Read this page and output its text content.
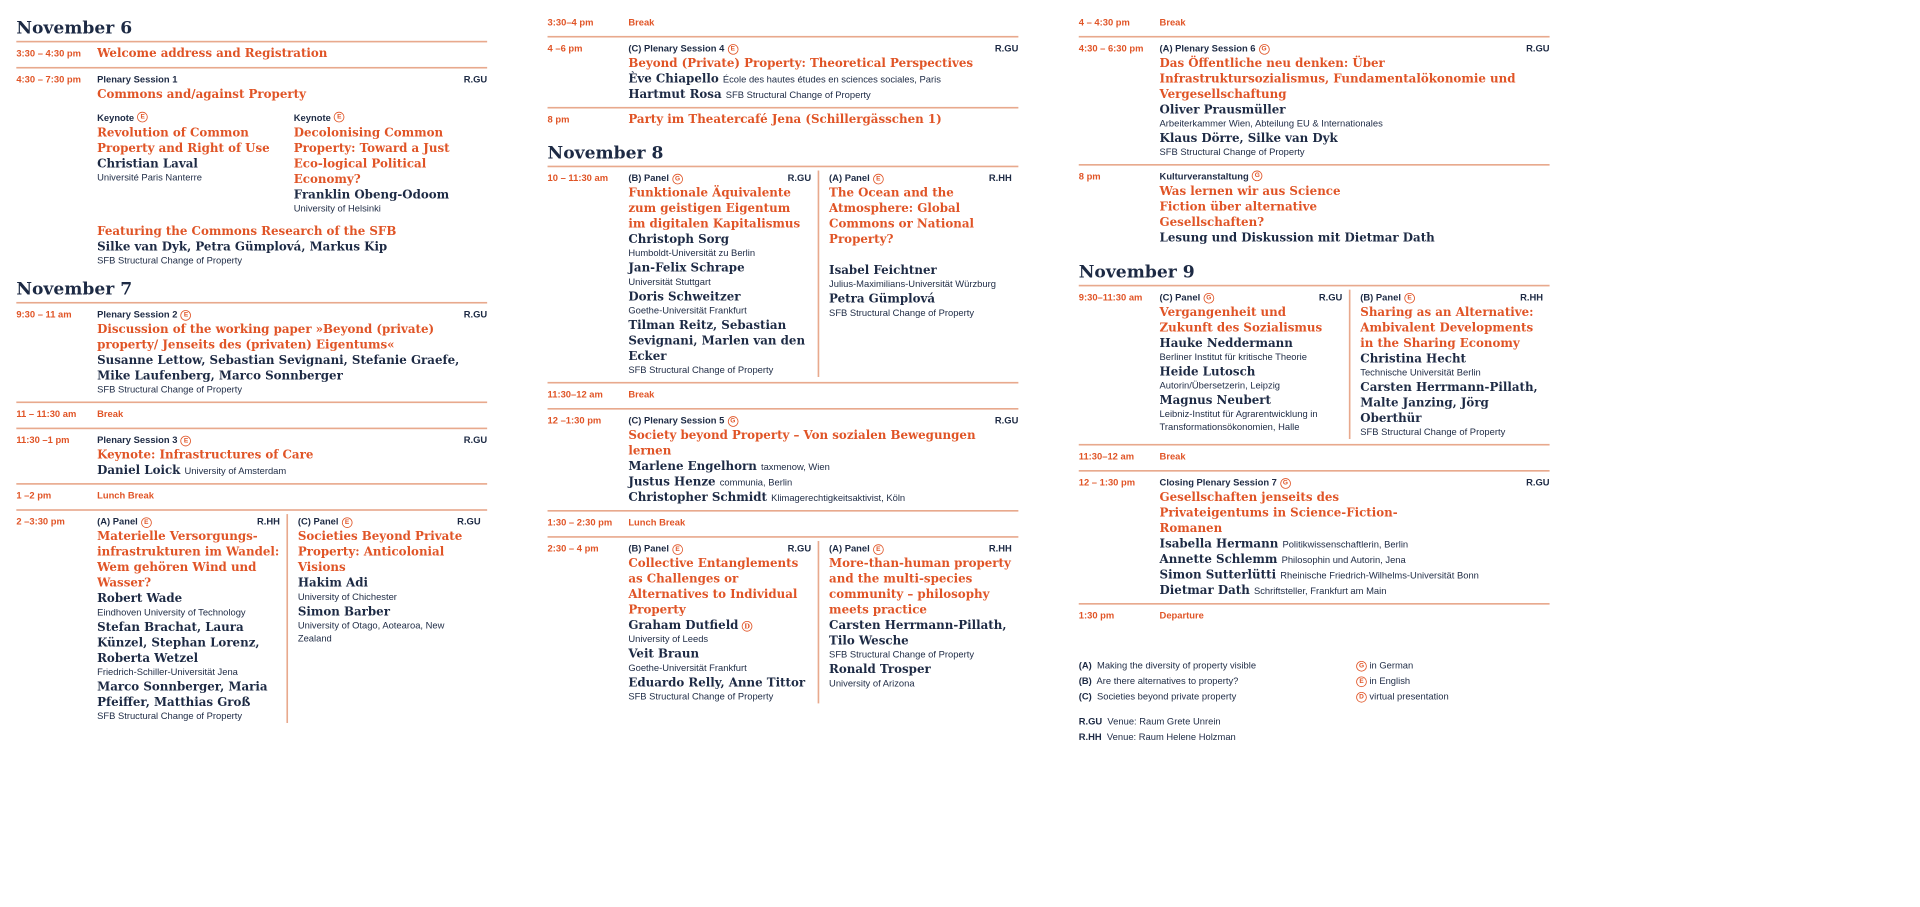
November 6
3:30 – 4:30 pm	Welcome address and Registration
4:30 – 7:30 pm	Plenary Session 1	R.GU
Commons and/against Property
Keynote E
Revolution of Common Property and Right of Use
Christian Laval
Université Paris Nanterre
Keynote E
Decolonising Common Property: Toward a Just Eco-logical Political Economy?
Franklin Obeng-Odoom
University of Helsinki
Featuring the Commons Research of the SFB
Silke van Dyk, Petra Gümplová, Markus Kip
SFB Structural Change of Property
November 7
9:30 – 11 am	Plenary Session 2 E	R.GU
Discussion of the working paper »Beyond (private) property/ Jenseits des (privaten) Eigentums«
Susanne Lettow, Sebastian Sevignani, Stefanie Graefe, Mike Laufenberg, Marco Sonnberger
SFB Structural Change of Property
11 – 11:30 am	Break
11:30 –1 pm	Plenary Session 3 E	R.GU
Keynote: Infrastructures of Care
Daniel Loick University of Amsterdam
1 –2 pm	Lunch Break
2 –3:30 pm	(A) Panel E	R.HH
Materielle Versorgungs-infrastrukturen im Wandel: Wem gehören Wind und Wasser?
Robert Wade
Eindhoven University of Technology
Stefan Brachat, Laura Künzel, Stephan Lorenz, Roberta Wetzel
Friedrich-Schiller-Universität Jena
Marco Sonnberger, Maria Pfeiffer, Matthias Groß
SFB Structural Change of Property
(C) Panel E	R.GU
Societies Beyond Private Property: Anticolonial Visions
Hakim Adi
University of Chichester
Simon Barber
University of Otago, Aotearoa, New Zealand
3:30–4 pm	Break
4 –6 pm	(C) Plenary Session 4 E	R.GU
Beyond (Private) Property: Theoretical Perspectives
Ève Chiapello École des hautes études en sciences sociales, Paris
Hartmut Rosa SFB Structural Change of Property
8 pm	Party im Theatercafé Jena (Schillergässchen 1)
November 8
10 – 11:30 am	(B) Panel G	R.GU
Funktionale Äquivalente zum geistigen Eigentum im digitalen Kapitalismus
Christoph Sorg
Humboldt-Universität zu Berlin
Jan-Felix Schrape
Universität Stuttgart
Doris Schweitzer
Goethe-Universität Frankfurt
Tilman Reitz, Sebastian Sevignani, Marlen van den Ecker
SFB Structural Change of Property
(A) Panel E	R.HH
The Ocean and the Atmosphere: Global Commons or National Property?
Isabel Feichtner
Julius-Maximilians-Universität Würzburg
Petra Gümplová
SFB Structural Change of Property
11:30–12 am	Break
12 –1:30 pm	(C) Plenary Session 5 G	R.GU
Society beyond Property – Von sozialen Bewegungen lernen
Marlene Engelhorn taxmenow, Wien
Justus Henze communia, Berlin
Christopher Schmidt Klimagerechtigkeitsaktivist, Köln
1:30 – 2:30 pm	Lunch Break
2:30 – 4 pm	(B) Panel E	R.GU
Collective Entanglements as Challenges or Alternatives to Individual Property
Graham Dutfield D
University of Leeds
Veit Braun
Goethe-Universität Frankfurt
Eduardo Relly, Anne Tittor
SFB Structural Change of Property
(A) Panel E	R.HH
More-than-human property and the multi-species community – philosophy meets practice
Carsten Herrmann-Pillath, Tilo Wesche
SFB Structural Change of Property
Ronald Trosper
University of Arizona
4 – 4:30 pm	Break
4:30 – 6:30 pm	(A) Plenary Session 6 G	R.GU
Das Öffentliche neu denken: Über Infrastruktursozialismus, Fundamentalökonomie und Vergesellschaftung
Oliver Prausmüller
Arbeiterkammer Wien, Abteilung EU & Internationales
Klaus Dörre, Silke van Dyk
SFB Structural Change of Property
8 pm	Kulturveranstaltung G
Was lernen wir aus Science Fiction über alternative Gesellschaften?
Lesung und Diskussion mit Dietmar Dath
November 9
9:30–11:30 am	(C) Panel G	R.GU
Vergangenheit und Zukunft des Sozialismus
Hauke Neddermann
Berliner Institut für kritische Theorie
Heide Lutosch
Autorin/Übersetzerin, Leipzig
Magnus Neubert
Leibniz-Institut für Agrarentwicklung in Transformationsökonomien, Halle
(B) Panel E	R.HH
Sharing as an Alternative: Ambivalent Developments in the Sharing Economy
Christina Hecht
Technische Universität Berlin
Carsten Herrmann-Pillath, Malte Janzing, Jörg Oberthür
SFB Structural Change of Property
11:30–12 am	Break
12 – 1:30 pm	Closing Plenary Session 7 G	R.GU
Gesellschaften jenseits des Privateigentums in Science-Fiction-Romanen
Isabella Hermann Politikwissenschaftlerin, Berlin
Annette Schlemm Philosophin und Autorin, Jena
Simon Sutterlütti Rheinische Friedrich-Wilhelms-Universität Bonn
Dietmar Dath Schriftsteller, Frankfurt am Main
1:30 pm	Departure
(A) Making the diversity of property visible
(B) Are there alternatives to property?
(C) Societies beyond private property
R.GU Venue: Raum Grete Unrein
R.HH Venue: Raum Helene Holzman
G in German
E in English
D virtual presentation
